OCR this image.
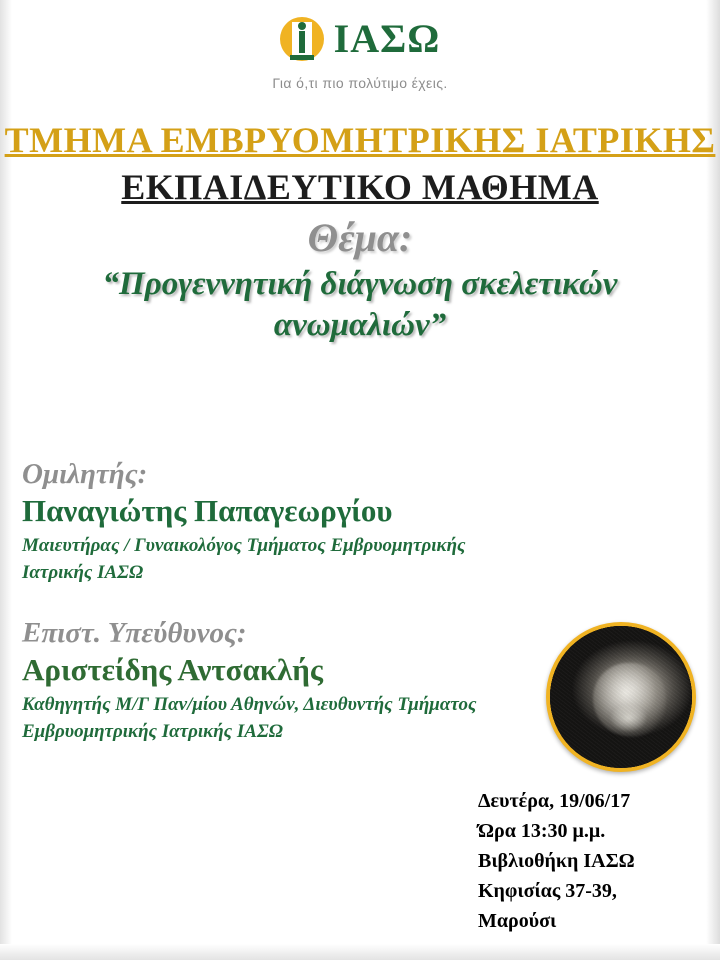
ΙΑΣΩ
Για ό,τι πιο πολύτιμο έχεις.
ΤΜΗΜΑ ΕΜΒΡΥΟΜΗΤΡΙΚΗΣ ΙΑΤΡΙΚΗΣ
ΕΚΠΑΙΔΕΥΤΙΚΟ ΜΑΘΗΜΑ
Θέμα:
“Προγεννητική διάγνωση σκελετικών ανωμαλιών”
Ομιλητής:
Παναγιώτης Παπαγεωργίου
Μαιευτήρας / Γυναικολόγος Τμήματος Εμβρυομητρικής Ιατρικής ΙΑΣΩ
Επιστ. Υπεύθυνος:
Αριστείδης Αντσακλής
Καθηγητής Μ/Γ Παν/μίου Αθηνών, Διευθυντής Τμήματος Εμβρυομητρικής Ιατρικής ΙΑΣΩ
Δευτέρα, 19/06/17
Ώρα 13:30 μ.μ.
Βιβλιοθήκη ΙΑΣΩ
Κηφισίας 37-39,
Μαρούσι
